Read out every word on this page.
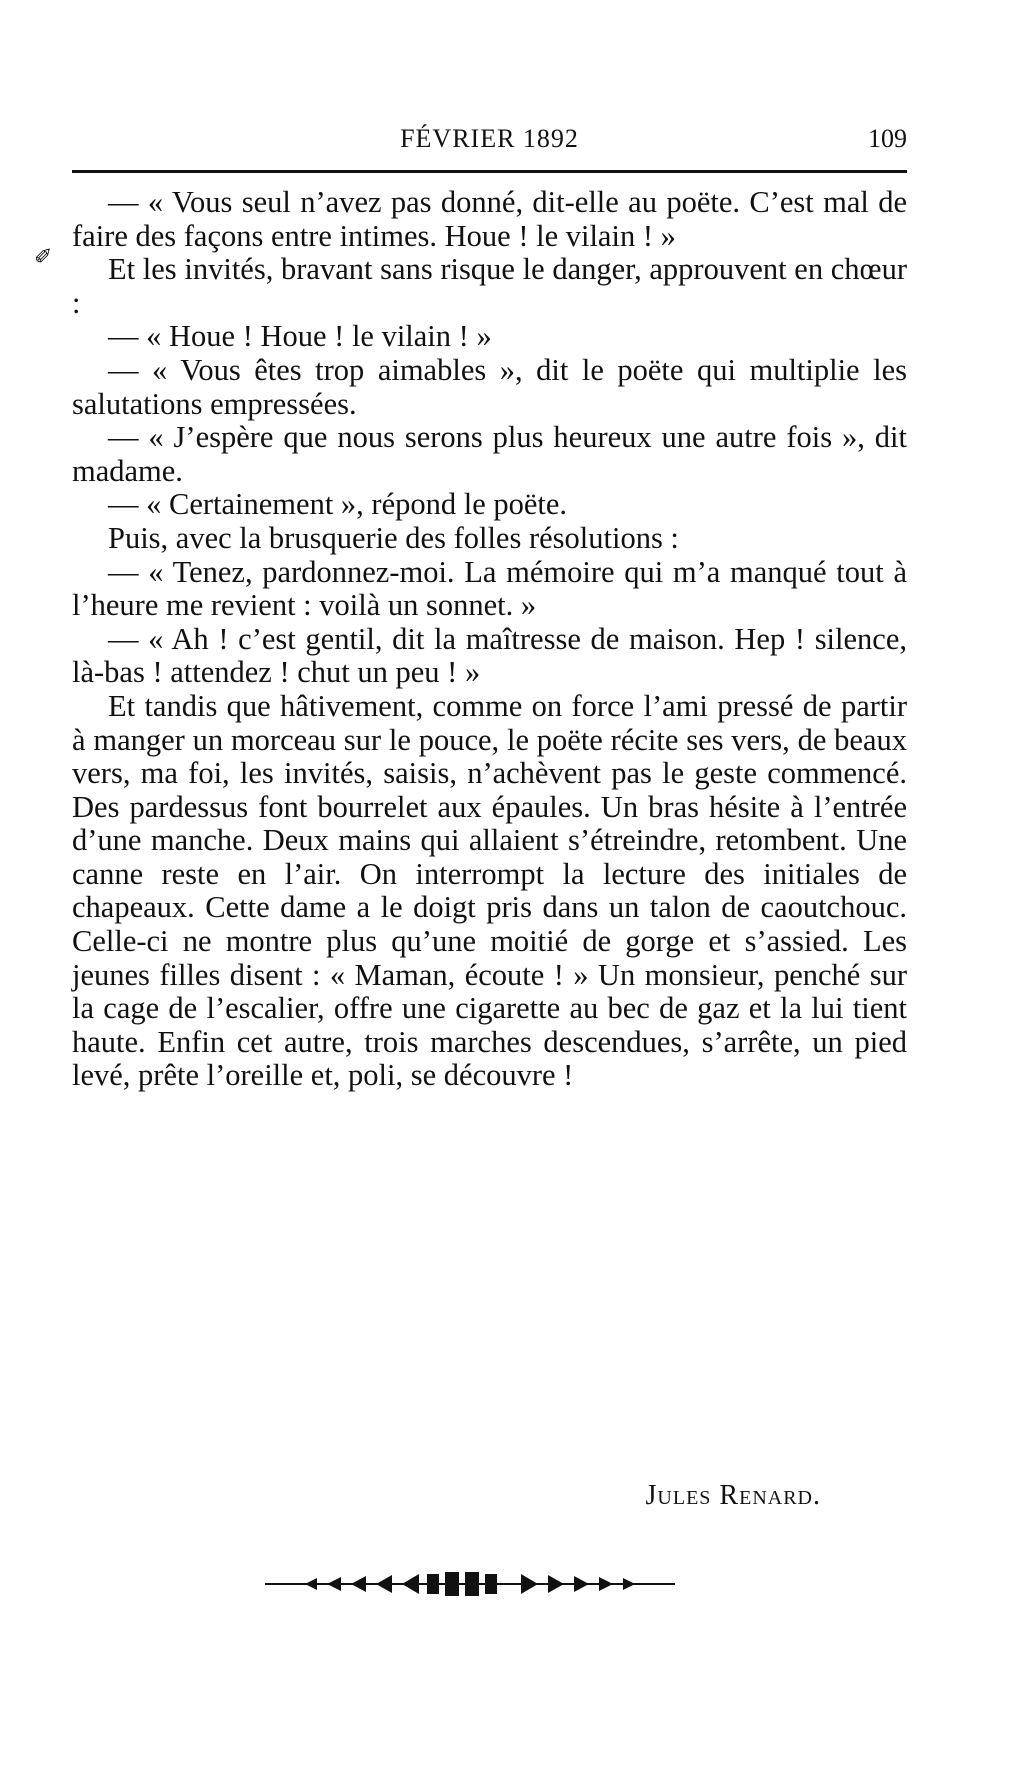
✐
FÉVRIER 1892	109

— « Vous seul n’avez pas donné, dit-elle au poëte. C’est mal de faire des façons entre intimes. Houe ! le vilain ! »

Et les invités, bravant sans risque le danger, approuvent en chœur :

— « Houe ! Houe ! le vilain ! »

— « Vous êtes trop aimables », dit le poëte qui multiplie les salutations empressées.

— « J’espère que nous serons plus heureux une autre fois », dit madame.

— « Certainement », répond le poëte.

Puis, avec la brusquerie des folles résolutions :

— « Tenez, pardonnez-moi. La mémoire qui m’a manqué tout à l’heure me revient : voilà un sonnet. »

— « Ah ! c’est gentil, dit la maîtresse de maison. Hep ! silence, là-bas ! attendez ! chut un peu ! »

Et tandis que hâtivement, comme on force l’ami pressé de partir à manger un morceau sur le pouce, le poëte récite ses vers, de beaux vers, ma foi, les invités, saisis, n’achèvent pas le geste commencé. Des pardessus font bourrelet aux épaules. Un bras hésite à l’entrée d’une manche. Deux mains qui allaient s’étreindre, retombent. Une canne reste en l’air. On interrompt la lecture des initiales de chapeaux. Cette dame a le doigt pris dans un talon de caoutchouc. Celle-ci ne montre plus qu’une moitié de gorge et s’assied. Les jeunes filles disent : « Maman, écoute ! » Un monsieur, penché sur la cage de l’escalier, offre une cigarette au bec de gaz et la lui tient haute. Enfin cet autre, trois marches descendues, s’arrête, un pied levé, prête l’oreille et, poli, se découvre !

Jules Renard.
